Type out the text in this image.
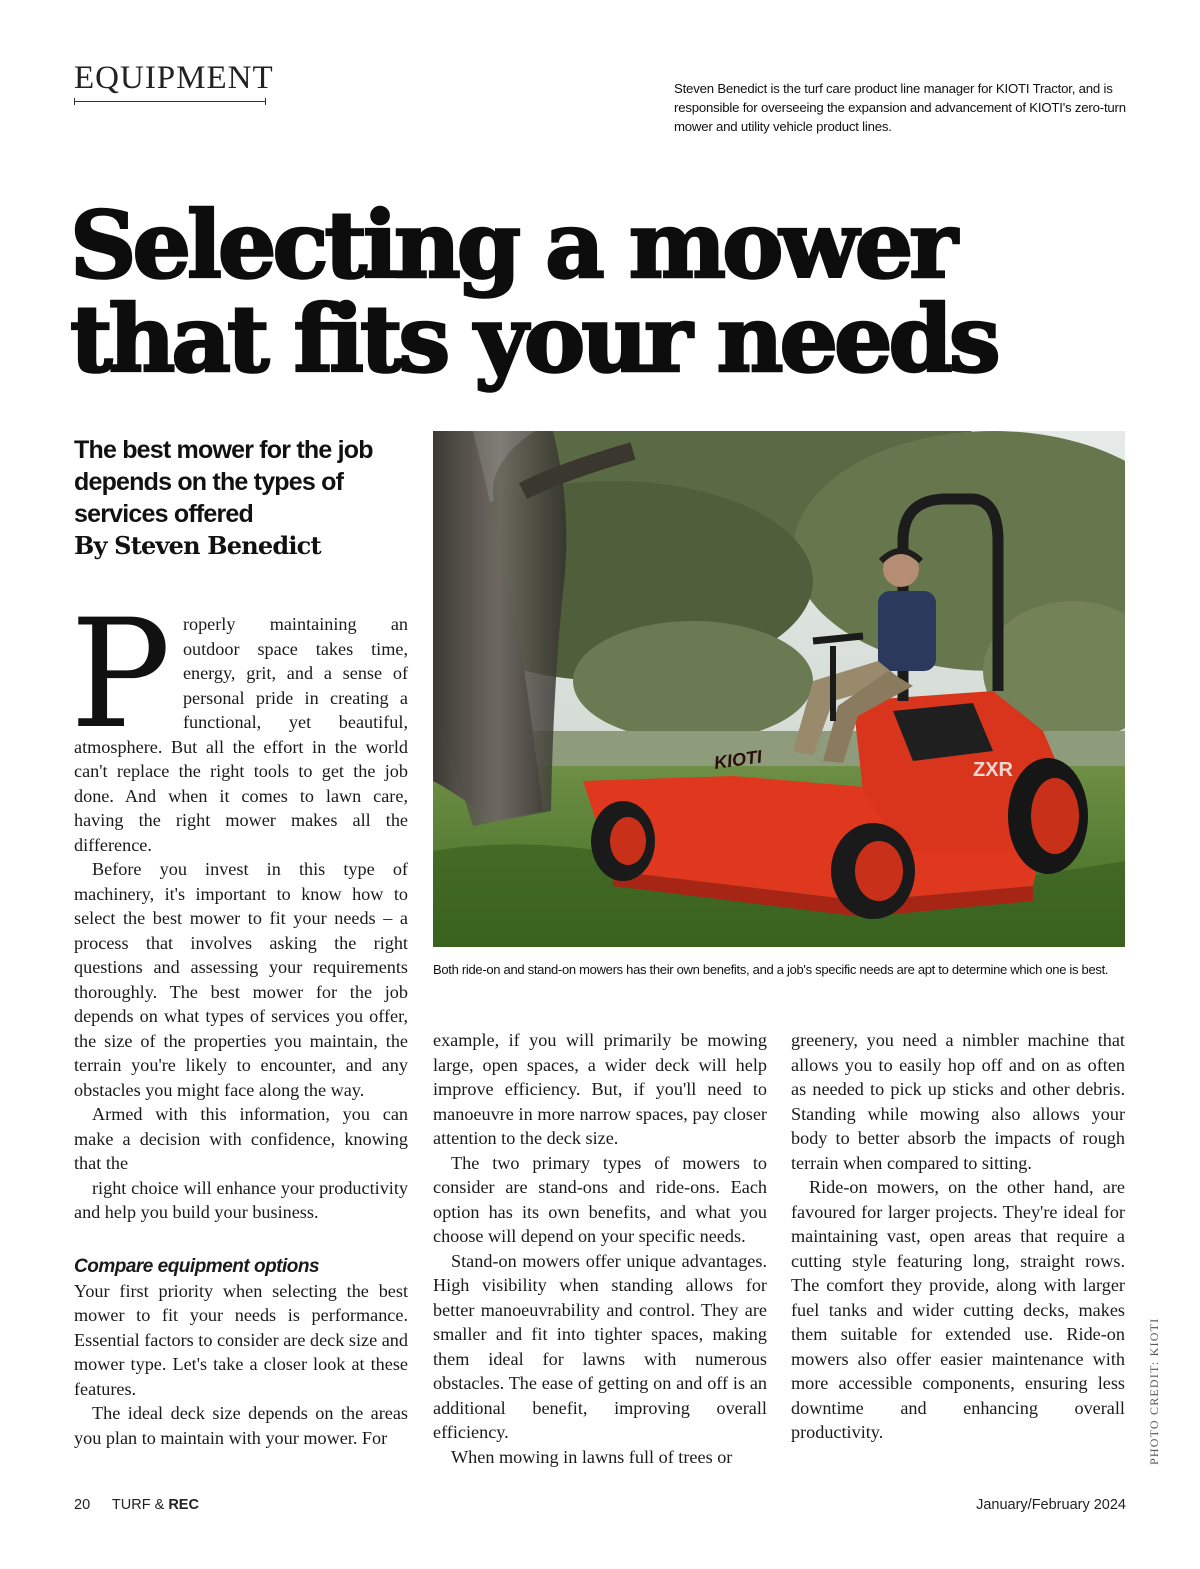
EQUIPMENT	Steven Benedict is the turf care product line manager for KIOTI Tractor, and is responsible for overseeing the expansion and advancement of KIOTI's zero-turn mower and utility vehicle product lines.
Selecting a mower that fits your needs
The best mower for the job depends on the types of services offered
By Steven Benedict

Properly maintaining an outdoor space takes time, energy, grit, and a sense of personal pride in creating a functional, yet beautiful, atmosphere. But all the effort in the world can't replace the right tools to get the job done. And when it comes to lawn care, having the right mower makes all the difference.

Before you invest in this type of machinery, it's important to know how to select the best mower to fit your needs – a process that involves asking the right questions and assessing your requirements thoroughly. The best mower for the job depends on what types of services you offer, the size of the properties you maintain, the terrain you're likely to encounter, and any obstacles you might face along the way.

Armed with this information, you can make a decision with confidence, knowing that the

right choice will enhance your productivity and help you build your business.

Compare equipment options

Your first priority when selecting the best mower to fit your needs is performance. Essential factors to consider are deck size and mower type. Let's take a closer look at these features.

The ideal deck size depends on the areas you plan to maintain with your mower. For

example, if you will primarily be mowing large, open spaces, a wider deck will help improve efficiency. But, if you'll need to manoeuvre in more narrow spaces, pay closer attention to the deck size.

The two primary types of mowers to consider are stand-ons and ride-ons. Each option has its own benefits, and what you choose will depend on your specific needs.

Stand-on mowers offer unique advantages. High visibility when standing allows for better manoeuvrability and control. They are smaller and fit into tighter spaces, making them ideal for lawns with numerous obstacles. The ease of getting on and off is an additional benefit, improving overall efficiency.

When mowing in lawns full of trees or

greenery, you need a nimbler machine that allows you to easily hop off and on as often as needed to pick up sticks and other debris. Standing while mowing also allows your body to better absorb the impacts of rough terrain when compared to sitting.

Ride-on mowers, on the other hand, are favoured for larger projects. They're ideal for maintaining vast, open areas that require a cutting style featuring long, straight rows. The comfort they provide, along with larger fuel tanks and wider cutting decks, makes them suitable for extended use. Ride-on mowers also offer easier maintenance with more accessible components, ensuring less downtime and enhancing overall productivity.

KIOTI	ZXR
Both ride-on and stand-on mowers has their own benefits, and a job's specific needs are apt to determine which one is best.
PHOTO CREDIT: KIOTI
20 TURF & REC	January/February 2024
